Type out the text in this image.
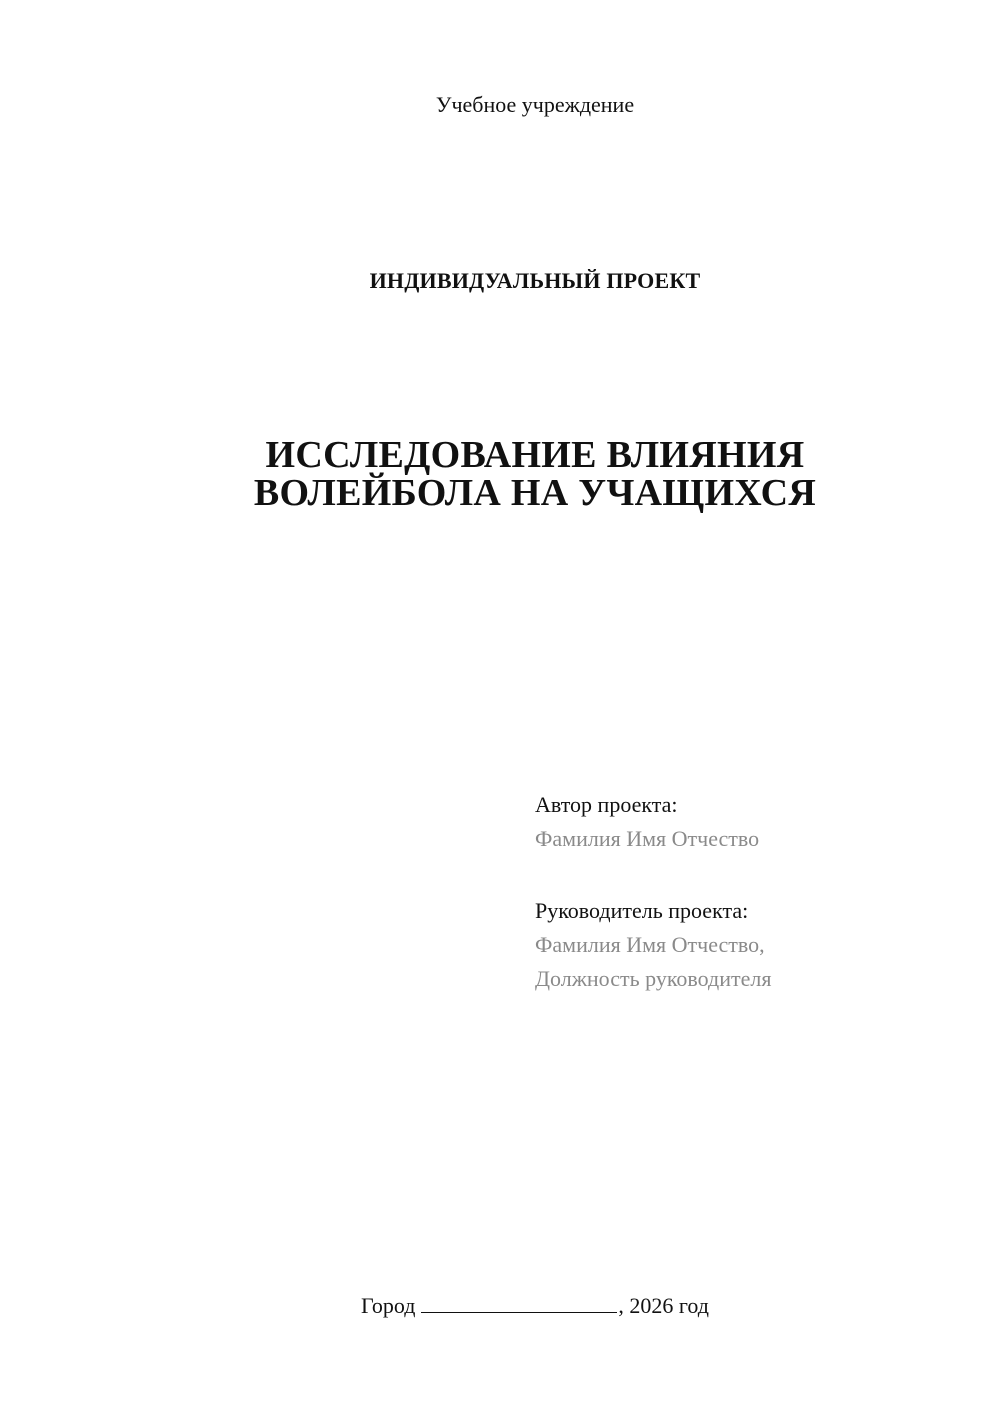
Учебное учреждение
ИНДИВИДУАЛЬНЫЙ ПРОЕКТ
ИССЛЕДОВАНИЕ ВЛИЯНИЯ
ВОЛЕЙБОЛА НА УЧАЩИХСЯ
Автор проекта:
Фамилия Имя Отчество
Руководитель проекта:
Фамилия Имя Отчество,
Должность руководителя
Город	, 2026 год
